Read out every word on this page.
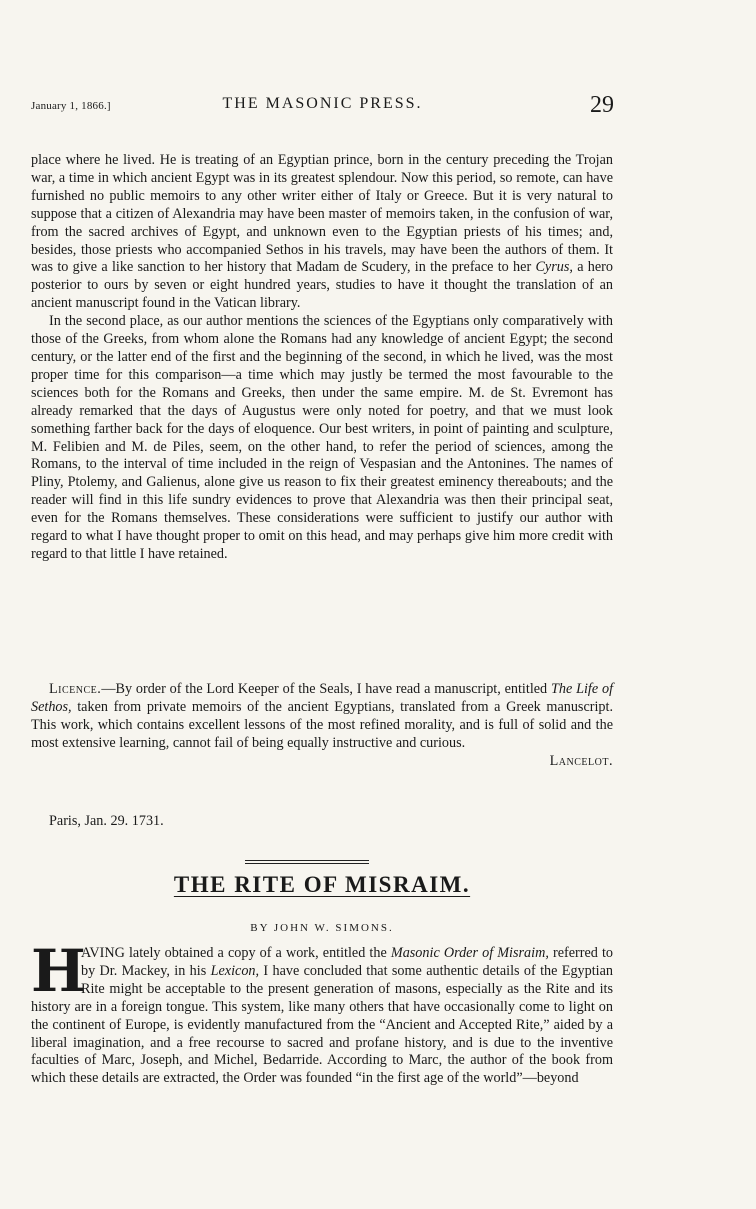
January 1, 1866.]	THE MASONIC PRESS.	29

place where he lived. He is treating of an Egyptian prince, born in the century preceding the Trojan war, a time in which ancient Egypt was in its greatest splendour. Now this period, so remote, can have furnished no public memoirs to any other writer either of Italy or Greece. But it is very natural to suppose that a citizen of Alexandria may have been master of memoirs taken, in the confusion of war, from the sacred archives of Egypt, and unknown even to the Egyptian priests of his times; and, besides, those priests who accompanied Sethos in his travels, may have been the authors of them. It was to give a like sanction to her history that Madam de Scudery, in the preface to her Cyrus, a hero posterior to ours by seven or eight hundred years, studies to have it thought the translation of an ancient manuscript found in the Vatican library.

In the second place, as our author mentions the sciences of the Egyptians only comparatively with those of the Greeks, from whom alone the Romans had any knowledge of ancient Egypt; the second century, or the latter end of the first and the beginning of the second, in which he lived, was the most proper time for this comparison—a time which may justly be termed the most favourable to the sciences both for the Romans and Greeks, then under the same empire. M. de St. Evremont has already remarked that the days of Augustus were only noted for poetry, and that we must look something farther back for the days of eloquence. Our best writers, in point of painting and sculpture, M. Felibien and M. de Piles, seem, on the other hand, to refer the period of sciences, among the Romans, to the interval of time included in the reign of Vespasian and the Antonines. The names of Pliny, Ptolemy, and Galienus, alone give us reason to fix their greatest eminency thereabouts; and the reader will find in this life sundry evidences to prove that Alexandria was then their principal seat, even for the Romans themselves. These considerations were sufficient to justify our author with regard to what I have thought proper to omit on this head, and may perhaps give him more credit with regard to that little I have retained.

Licence.—By order of the Lord Keeper of the Seals, I have read a manuscript, entitled The Life of Sethos, taken from private memoirs of the ancient Egyptians, translated from a Greek manuscript. This work, which contains excellent lessons of the most refined morality, and is full of solid and the most extensive learning, cannot fail of being equally instructive and curious.

Lancelot.

Paris, Jan. 29. 1731.
THE RITE OF MISRAIM.
BY JOHN W. SIMONS.

H
AVING lately obtained a copy of a work, entitled the Masonic Order of Misraim, referred to by Dr. Mackey, in his Lexicon, I have concluded that some authentic details of the Egyptian Rite might be acceptable to the present generation of masons, especially as the Rite and its history are in a foreign tongue. This system, like many others that have occasionally come to light on the continent of Europe, is evidently manufactured from the “Ancient and Accepted Rite,” aided by a liberal imagination, and a free recourse to sacred and profane history, and is due to the inventive faculties of Marc, Joseph, and Michel, Bedarride. According to Marc, the author of the book from which these details are extracted, the Order was founded “in the first age of the world”—beyond
